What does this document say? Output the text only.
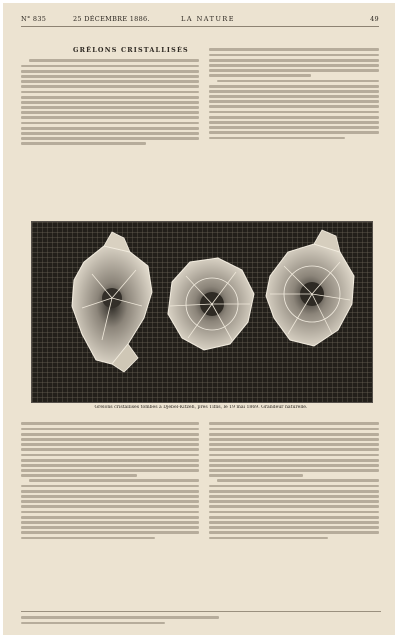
N° 835	25 DÉCEMBRE 1886.	LA NATURE	49
GRÊLONS CRISTALLISÉS
Grêlons cristallisés tombés à Djebel-Kitzeh, près Tiflis, le 19 mai 1869. Grandeur naturelle.
